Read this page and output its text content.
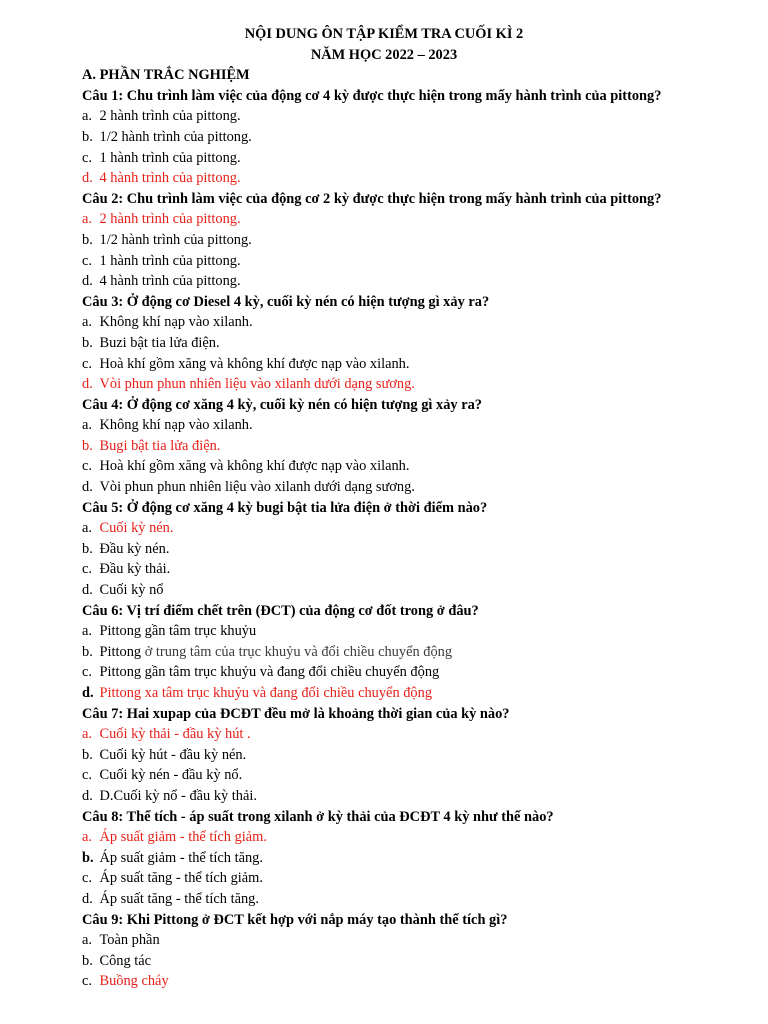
NỘI DUNG ÔN TẬP KIỂM TRA CUỐI KÌ 2
NĂM HỌC 2022 – 2023
A. PHẦN TRẮC NGHIỆM
Câu 1: Chu trình làm việc của động cơ 4 kỳ được thực hiện trong mấy hành trình của pittong?
a. 2 hành trình của pittong.
b. 1/2 hành trình của pittong.
c. 1 hành trình của pittong.
d. 4 hành trình của pittong.
Câu 2: Chu trình làm việc của động cơ 2 kỳ được thực hiện trong mấy hành trình của pittong?
a. 2 hành trình của pittong.
b. 1/2 hành trình của pittong.
c. 1 hành trình của pittong.
d. 4 hành trình của pittong.
Câu 3: Ở động cơ Diesel 4 kỳ, cuối kỳ nén có hiện tượng gì xảy ra?
a. Không khí nạp vào xilanh.
b. Buzi bật tia lửa điện.
c. Hoà khí gồm xăng và không khí được nạp vào xilanh.
d. Vòi phun phun nhiên liệu vào xilanh dưới dạng sương.
Câu 4: Ở động cơ xăng 4 kỳ, cuối kỳ nén có hiện tượng gì xảy ra?
a. Không khí nạp vào xilanh.
b. Bugi bật tia lửa điện.
c. Hoà khí gồm xăng và không khí được nạp vào xilanh.
d. Vòi phun phun nhiên liệu vào xilanh dưới dạng sương.
Câu 5: Ở động cơ xăng 4 kỳ bugi bật tia lửa điện ở thời điểm nào?
a. Cuối kỳ nén.
b. Đầu kỳ nén.
c. Đầu kỳ thải.
d. Cuối kỳ nổ
Câu 6: Vị trí điểm chết trên (ĐCT) của động cơ đốt trong ở đâu?
a. Pittong gần tâm trục khuỷu
b. Pittong ở trung tâm của trục khuỷu và đổi chiều chuyển động
c. Pittong gần tâm trục khuỷu và đang đổi chiều chuyển động
d. Pittong xa tâm trục khuỷu và đang đổi chiều chuyển động
Câu 7: Hai xupap của ĐCĐT đều mở là khoảng thời gian của kỳ nào?
a. Cuối kỳ thải - đầu kỳ hút .
b. Cuối kỳ hút - đầu kỳ nén.
c. Cuối kỳ nén - đầu kỳ nổ.
d. D.Cuối kỳ nổ - đầu kỳ thải.
Câu 8: Thể tích - áp suất trong xilanh ở kỳ thải của ĐCĐT 4 kỳ như thế nào?
a. Áp suất giảm - thể tích giảm.
b. Áp suất giảm - thể tích tăng.
c. Áp suất tăng - thể tích giảm.
d. Áp suất tăng - thể tích tăng.
Câu 9: Khi Pittong ở ĐCT kết hợp với nắp máy tạo thành thể tích gì?
a. Toàn phần
b. Công tác
c. Buồng cháy
